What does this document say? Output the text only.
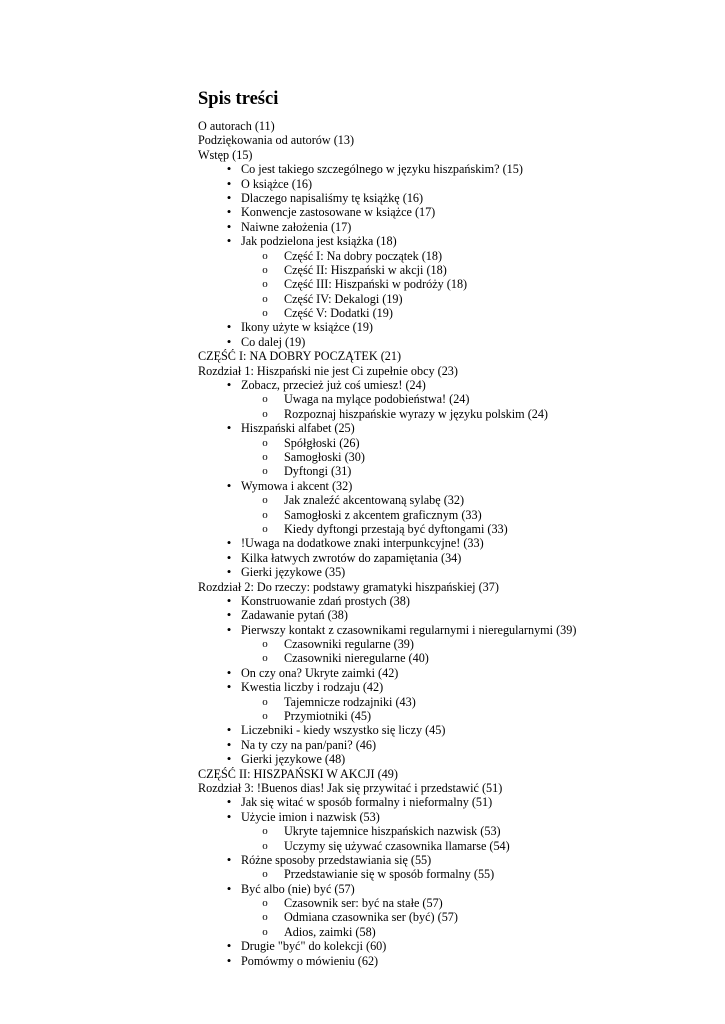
Spis treści
O autorach (11)
Podziękowania od autorów (13)
Wstęp (15)
• Co jest takiego szczególnego w języku hiszpańskim? (15)
• O książce (16)
• Dlaczego napisaliśmy tę książkę (16)
• Konwencje zastosowane w książce (17)
• Naiwne założenia (17)
• Jak podzielona jest książka (18)
o Część I: Na dobry początek (18)
o Część II: Hiszpański w akcji (18)
o Część III: Hiszpański w podróży (18)
o Część IV: Dekalogi (19)
o Część V: Dodatki (19)
• Ikony użyte w książce (19)
• Co dalej (19)
CZĘŚĆ I: NA DOBRY POCZĄTEK (21)
Rozdział 1: Hiszpański nie jest Ci zupełnie obcy (23)
• Zobacz, przecież już coś umiesz! (24)
o Uwaga na mylące podobieństwa! (24)
o Rozpoznaj hiszpańskie wyrazy w języku polskim (24)
• Hiszpański alfabet (25)
o Spółgłoski (26)
o Samogłoski (30)
o Dyftongi (31)
• Wymowa i akcent (32)
o Jak znaleźć akcentowaną sylabę (32)
o Samogłoski z akcentem graficznym (33)
o Kiedy dyftongi przestają być dyftongami (33)
• !Uwaga na dodatkowe znaki interpunkcyjne! (33)
• Kilka łatwych zwrotów do zapamiętania (34)
• Gierki językowe (35)
Rozdział 2: Do rzeczy: podstawy gramatyki hiszpańskiej (37)
• Konstruowanie zdań prostych (38)
• Zadawanie pytań (38)
• Pierwszy kontakt z czasownikami regularnymi i nieregularnymi (39)
o Czasowniki regularne (39)
o Czasowniki nieregularne (40)
• On czy ona? Ukryte zaimki (42)
• Kwestia liczby i rodzaju (42)
o Tajemnicze rodzajniki (43)
o Przymiotniki (45)
• Liczebniki - kiedy wszystko się liczy (45)
• Na ty czy na pan/pani? (46)
• Gierki językowe (48)
CZĘŚĆ II: HISZPAŃSKI W AKCJI (49)
Rozdział 3: !Buenos dias! Jak się przywitać i przedstawić (51)
• Jak się witać w sposób formalny i nieformalny (51)
• Użycie imion i nazwisk (53)
o Ukryte tajemnice hiszpańskich nazwisk (53)
o Uczymy się używać czasownika llamarse (54)
• Różne sposoby przedstawiania się (55)
o Przedstawianie się w sposób formalny (55)
• Być albo (nie) być (57)
o Czasownik ser: być na stałe (57)
o Odmiana czasownika ser (być) (57)
o Adios, zaimki (58)
• Drugie "być" do kolekcji (60)
• Pomówmy o mówieniu (62)
